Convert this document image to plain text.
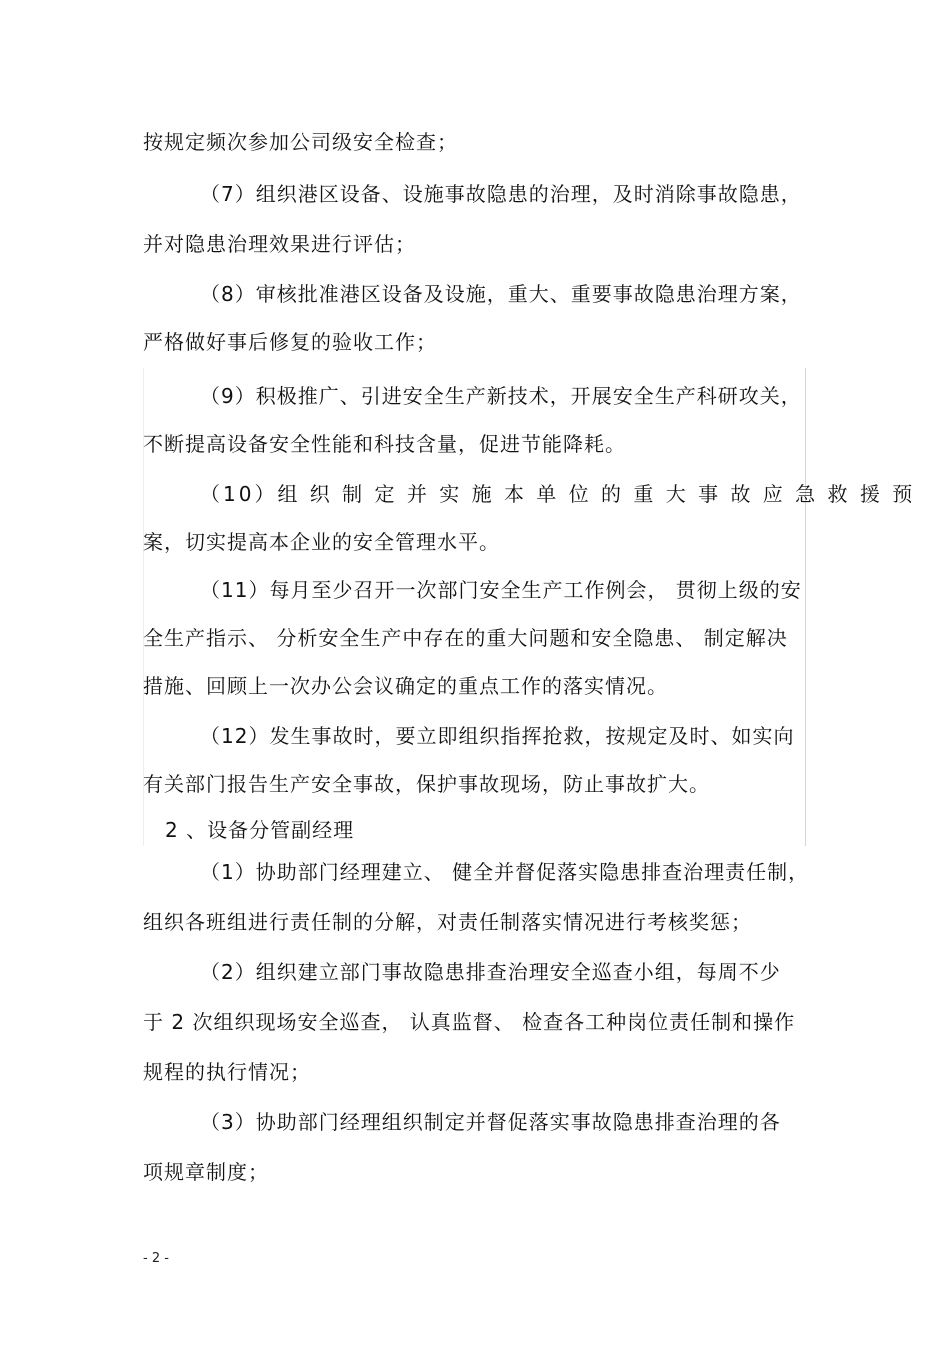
按规定频次参加公司级安全检查；
（7）组织港区设备、设施事故隐患的治理，及时消除事故隐患，
并对隐患治理效果进行评估；
（8）审核批准港区设备及设施，重大、重要事故隐患治理方案，
严格做好事后修复的验收工作；
（9）积极推广、引进安全生产新技术，开展安全生产科研攻关，
不断提高设备安全性能和科技含量，促进节能降耗。
（10）组 织 制 定 并 实 施 本 单 位 的 重 大 事 故 应 急 救 援 预
案，切实提高本企业的安全管理水平。
（11）每月至少召开一次部门安全生产工作例会， 贯彻上级的安
全生产指示、 分析安全生产中存在的重大问题和安全隐患、 制定解决
措施、回顾上一次办公会议确定的重点工作的落实情况。
（12）发生事故时，要立即组织指挥抢救，按规定及时、如实向
有关部门报告生产安全事故，保护事故现场，防止事故扩大。
2 、设备分管副经理
（1）协助部门经理建立、 健全并督促落实隐患排查治理责任制，
组织各班组进行责任制的分解，对责任制落实情况进行考核奖惩；
（2）组织建立部门事故隐患排查治理安全巡查小组，每周不少
于 2 次组织现场安全巡查， 认真监督、 检查各工种岗位责任制和操作
规程的执行情况；
（3）协助部门经理组织制定并督促落实事故隐患排查治理的各
项规章制度；
- 2 -
